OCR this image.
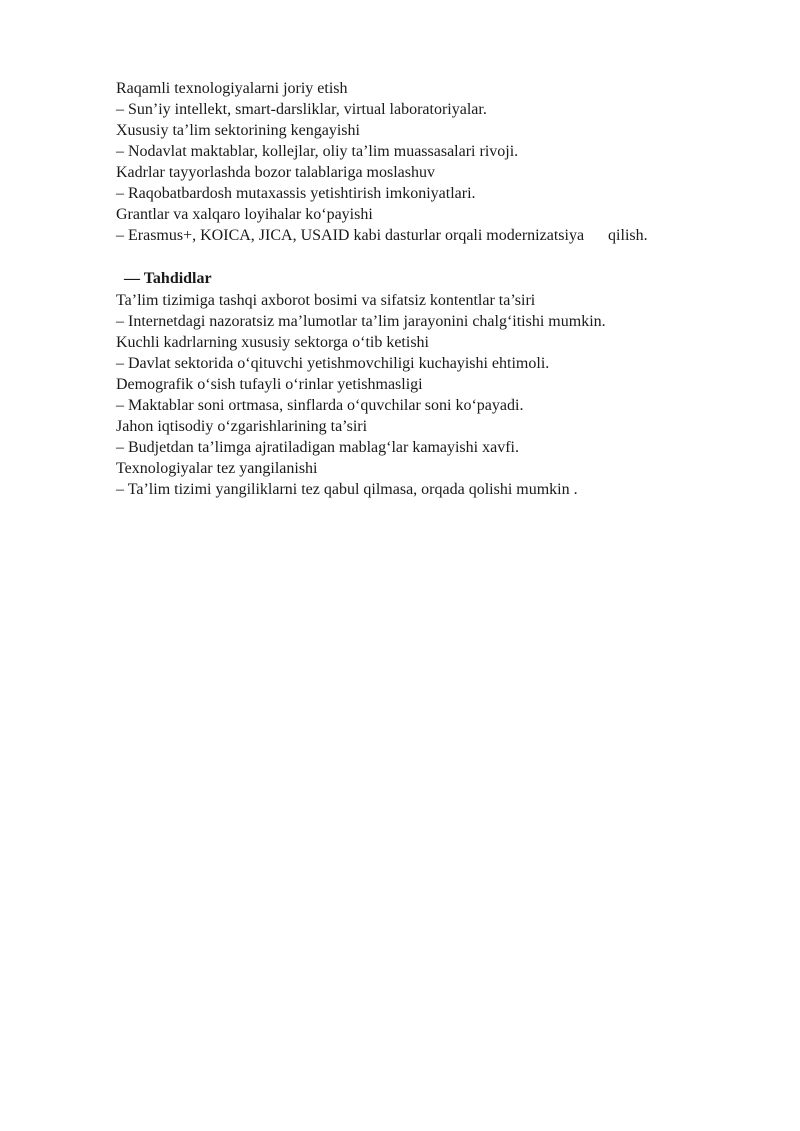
Raqamli texnologiyalarni joriy etish
– Sun’iy intellekt, smart-darsliklar, virtual laboratoriyalar.
Xususiy ta’lim sektorining kengayishi
– Nodavlat maktablar, kollejlar, oliy ta’lim muassasalari rivoji.
Kadrlar tayyorlashda bozor talablariga moslashuv
– Raqobatbardosh mutaxassis yetishtirish imkoniyatlari.
Grantlar va xalqaro loyihalar ko‘payishi
– Erasmus+, KOICA, JICA, USAID kabi dasturlar orqali modernizatsiya      qilish.
— Tahdidlar
Ta’lim tizimiga tashqi axborot bosimi va sifatsiz kontentlar ta’siri
– Internetdagi nazoratsiz ma’lumotlar ta’lim jarayonini chalg‘itishi mumkin.
Kuchli kadrlarning xususiy sektorga o‘tib ketishi
– Davlat sektorida o‘qituvchi yetishmovchiligi kuchayishi ehtimoli.
Demografik o‘sish tufayli o‘rinlar yetishmasligi
– Maktablar soni ortmasa, sinflarda o‘quvchilar soni ko‘payadi.
Jahon iqtisodiy o‘zgarishlarining ta’siri
– Budjetdan ta’limga ajratiladigan mablag‘lar kamayishi xavfi.
Texnologiyalar tez yangilanishi
– Ta’lim tizimi yangiliklarni tez qabul qilmasa, orqada qolishi mumkin .
